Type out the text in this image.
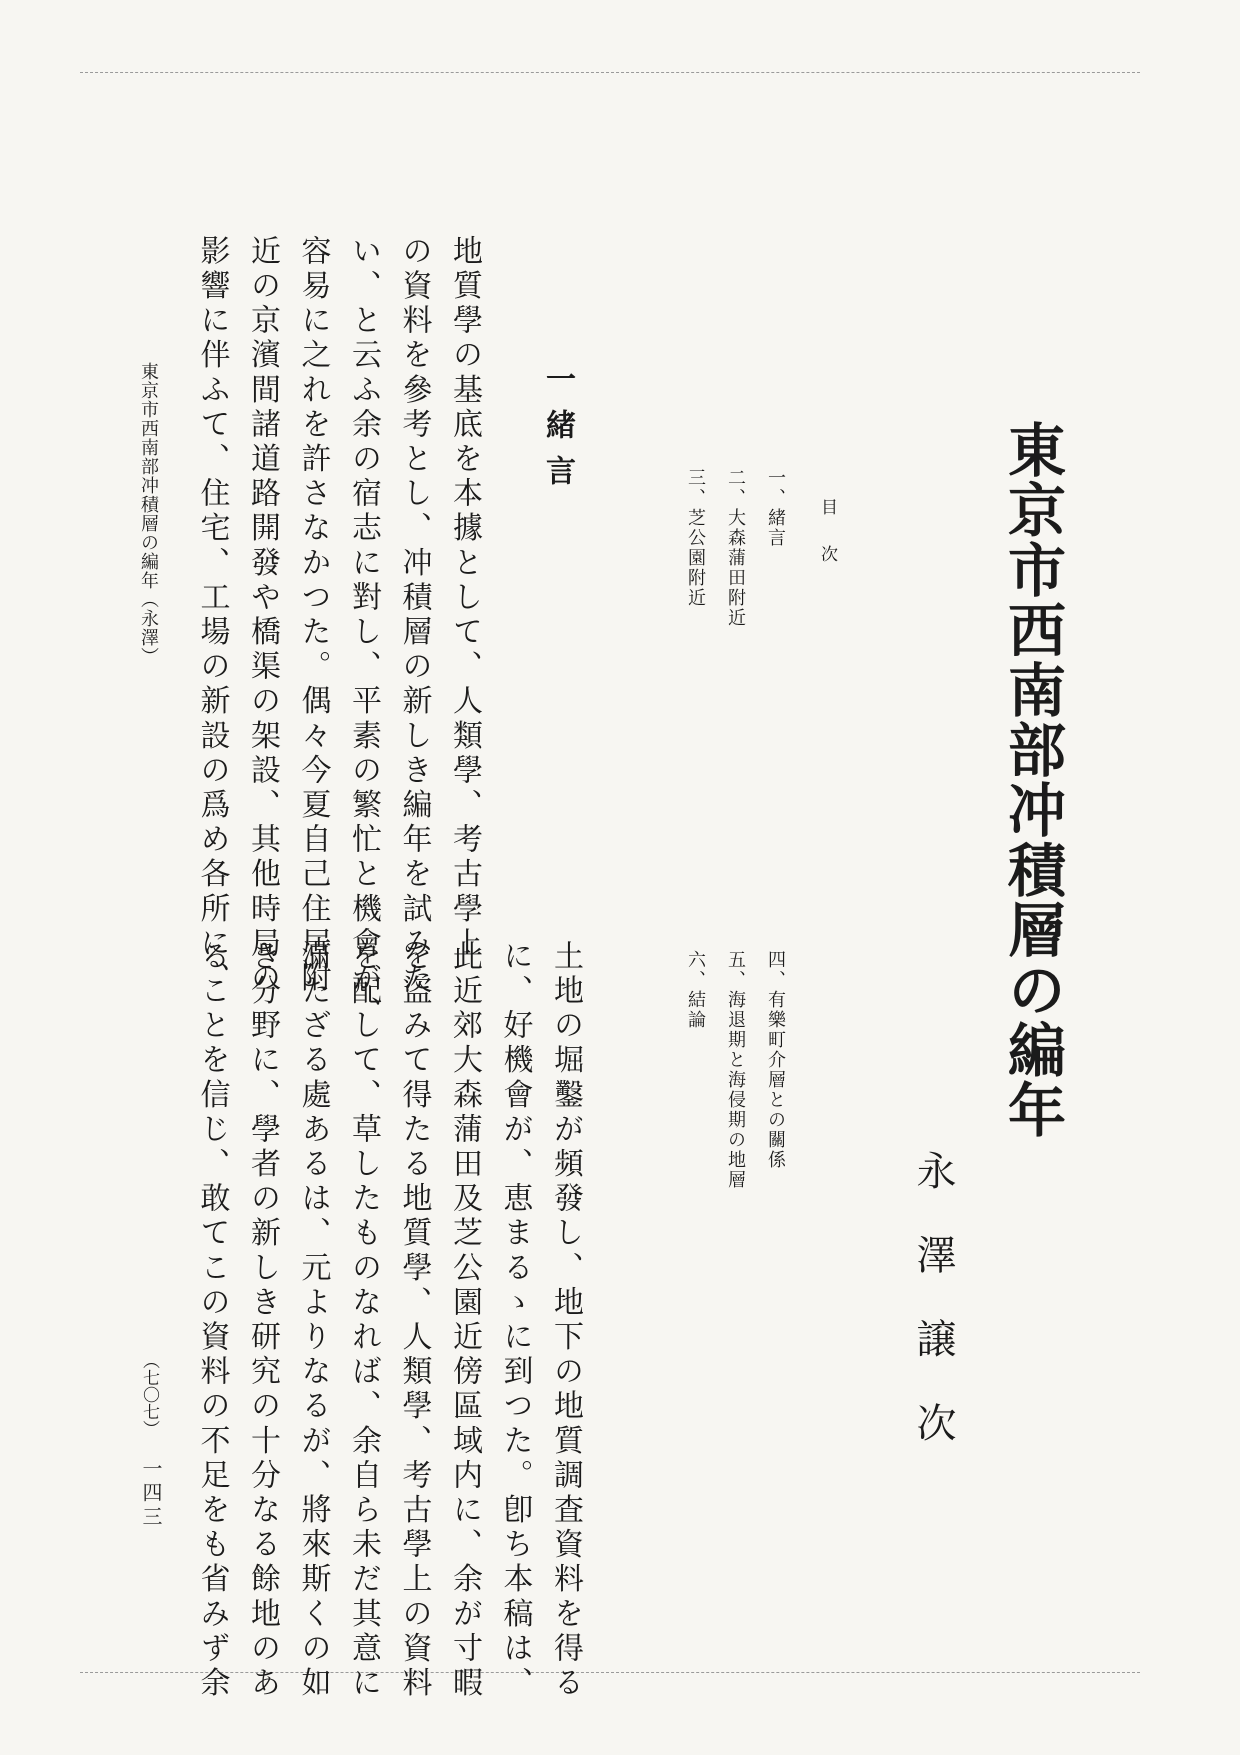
東京市西南部冲積層の編年
永澤譲次
目次
一、緒言
二、大森蒲田附近
三、芝公園附近
四、有樂町介層との關係
五、海退期と海侵期の地層
六、結論
一緒言
地質學の基底を本據として、人類學、考古學上
の資料を參考とし、冲積層の新しき編年を試みた
い、と云ふ余の宿志に對し、平素の繁忙と機會が、
容易に之れを許さなかつた。偶々今夏自己住居附
近の京濱間諸道路開發や橋渠の架設、其他時局の
影響に伴ふて、住宅、工場の新設の爲め各所に、
土地の堀鑿が頻發し、地下の地質調査資料を得る
に、好機會が、恵まるゝに到つた。卽ち本稿は、
此近郊大森蒲田及芝公園近傍區域内に、余が寸暇
を盜みて得たる地質學、人類學、考古學上の資料
を配して、草したものなれば、余自ら未だ其意に
滿たざる處あるは、元よりなるが、將來斯くの如
き分野に、學者の新しき研究の十分なる餘地のあ
ることを信じ、敢てこの資料の不足をも省みず余
東京市西南部冲積層の編年（永澤）
（七〇七）
一四三
